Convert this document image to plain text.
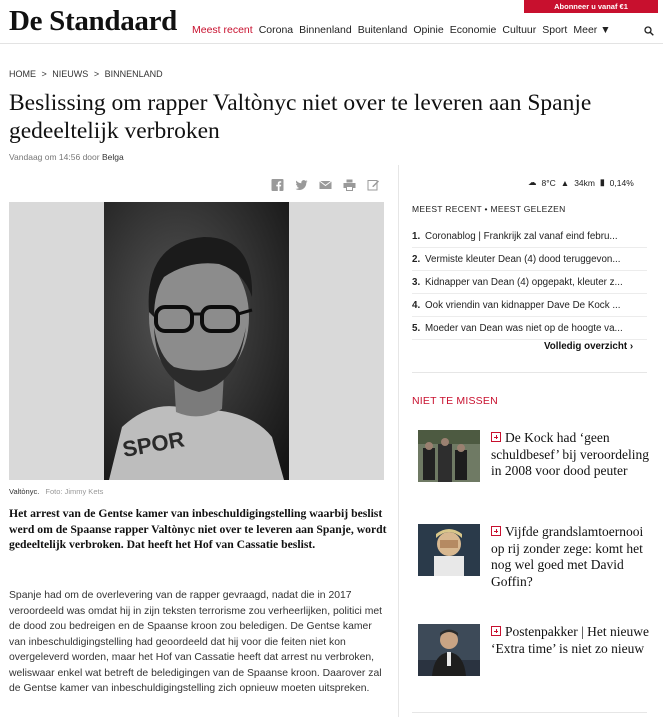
De Standaard	Abonneer u vanaf €1
Meest recent Corona Binnenland Buitenland Opinie Economie Cultuur Sport Meer ▼
HOME > NIEUWS > BINNENLAND
Beslissing om rapper Valtònyc niet over te leveren aan Spanje gedeeltelijk verbroken
Vandaag om 14:56 door Belga
SPOR
Valtònyc. Foto: Jimmy Kets

Het arrest van de Gentse kamer van inbeschuldigingstelling waarbij beslist werd om de Spaanse rapper Valtònyc niet over te leveren aan Spanje, wordt gedeeltelijk verbroken. Dat heeft het Hof van Cassatie beslist.

Spanje had om de overlevering van de rapper gevraagd, nadat die in 2017 veroordeeld was omdat hij in zijn teksten terrorisme zou verheerlijken, politici met de dood zou bedreigen en de Spaanse kroon zou beledigen. De Gentse kamer van inbeschuldigingstelling had geoordeeld dat hij voor die feiten niet kon overgeleverd worden, maar het Hof van Cassatie heeft dat arrest nu verbroken, weliswaar enkel wat betreft de beledigingen van de Spaanse kroon. Daarover zal de Gentse kamer van inbeschuldigingstelling zich opnieuw moeten uitspreken.

☁ 8°C ▲ 34km ▮ 0,14%
MEEST RECENT • MEEST GELEZEN
1. Coronablog | Frankrijk zal vanaf eind febru...
2. Vermiste kleuter Dean (4) dood teruggevon...
3. Kidnapper van Dean (4) opgepakt, kleuter z...
4. Ook vriendin van kidnapper Dave De Kock ...
5. Moeder van Dean was niet op de hoogte va...
Volledig overzicht ›
NIET TE MISSEN
De Kock had ‘geen schuldbesef’ bij veroordeling in 2008 voor dood peuter
Vijfde grandslamtoernooi op rij zonder zege: komt het nog wel goed met David Goffin?
Postenpakker | Het nieuwe ‘Extra time’ is niet zo nieuw
